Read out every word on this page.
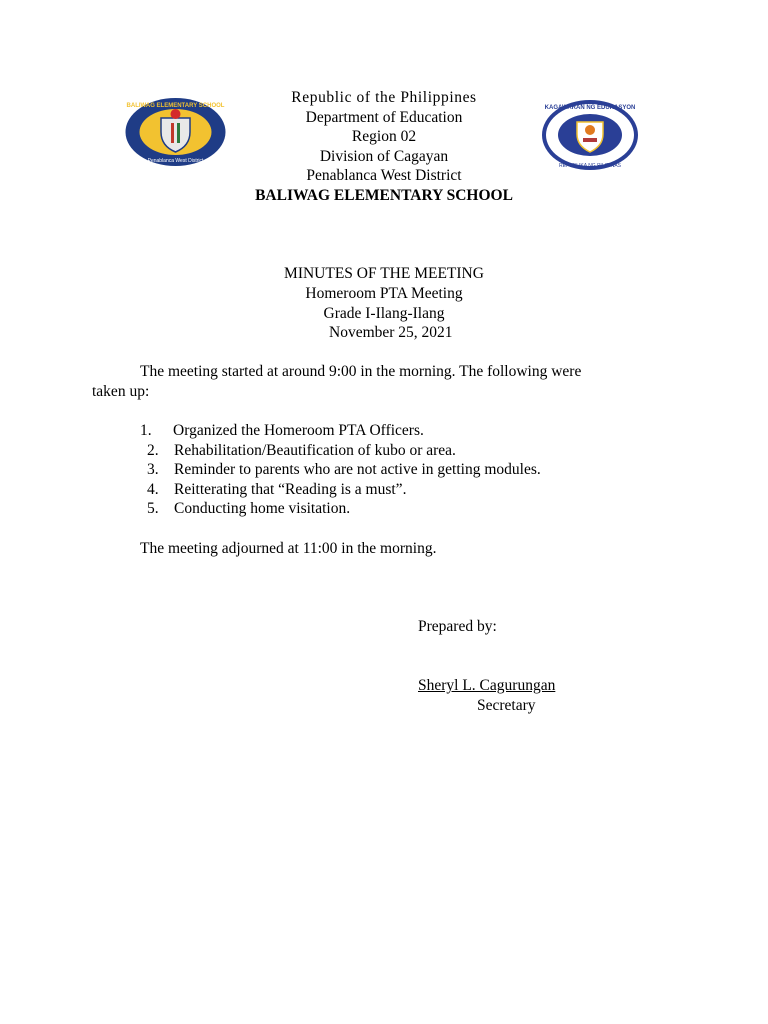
BALIWAG ELEMENTARY SCHOOL
Penablanca West District
KAGAWARAN NG EDUKASYON
REPUBLIKA NG PILIPINAS
Republic of the Philippines
Department of Education
Region 02
Division of Cagayan
Penablanca West District
BALIWAG ELEMENTARY SCHOOL
MINUTES OF THE MEETING
Homeroom PTA Meeting
Grade I-Ilang-Ilang
November 25, 2021
The meeting started at around 9:00 in the morning. The following were
taken up:
1. Organized the Homeroom PTA Officers.
2. Rehabilitation/Beautification of kubo or area.
3. Reminder to parents who are not active in getting modules.
4. Reitterating that “Reading is a must”.
5. Conducting home visitation.
The meeting adjourned at 11:00 in the morning.
Prepared by:
Sheryl L. Cagurungan
Secretary
